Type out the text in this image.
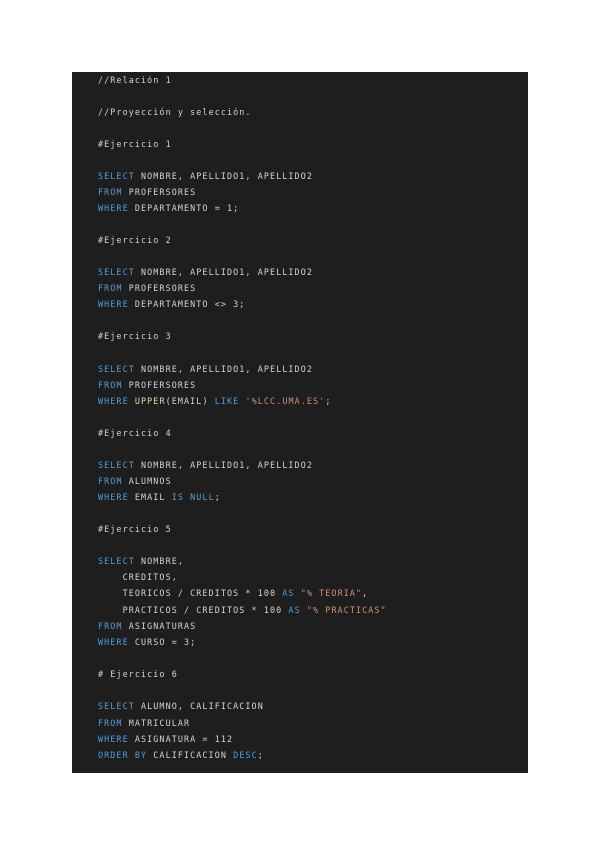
//Relación 1
//Proyección y selección.
#Ejercicio 1
SELECT NOMBRE, APELLIDO1, APELLIDO2
FROM PROFERSORES
WHERE DEPARTAMENTO = 1;
#Ejercicio 2
SELECT NOMBRE, APELLIDO1, APELLIDO2
FROM PROFERSORES
WHERE DEPARTAMENTO <> 3;
#Ejercicio 3
SELECT NOMBRE, APELLIDO1, APELLIDO2
FROM PROFERSORES
WHERE UPPER(EMAIL) LIKE '%LCC.UMA.ES';
#Ejercicio 4
SELECT NOMBRE, APELLIDO1, APELLIDO2
FROM ALUMNOS
WHERE EMAIL IS NULL;
#Ejercicio 5
SELECT NOMBRE,
CREDITOS,
TEORICOS / CREDITOS * 100 AS "% TEORIA",
PRACTICOS / CREDITOS * 100 AS "% PRACTICAS"
FROM ASIGNATURAS
WHERE CURSO = 3;
# Ejercicio 6
SELECT ALUMNO, CALIFICACION
FROM MATRICULAR
WHERE ASIGNATURA = 112
ORDER BY CALIFICACION DESC;
